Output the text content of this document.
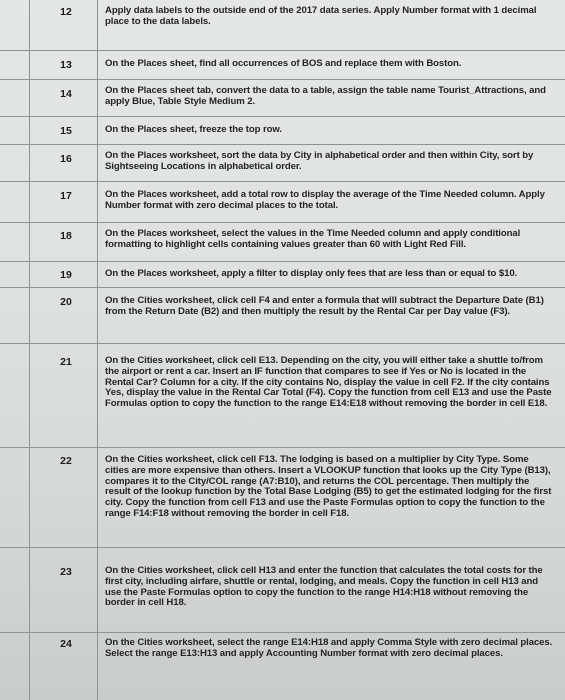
12	Apply data labels to the outside end of the 2017 data series. Apply Number format with 1 decimal place to the data labels.
13	On the Places sheet, find all occurrences of BOS and replace them with Boston.
14	On the Places sheet tab, convert the data to a table, assign the table name Tourist_Attractions, and apply Blue, Table Style Medium 2.
15	On the Places sheet, freeze the top row.
16	On the Places worksheet, sort the data by City in alphabetical order and then within City, sort by Sightseeing Locations in alphabetical order.
17	On the Places worksheet, add a total row to display the average of the Time Needed column. Apply Number format with zero decimal places to the total.
18	On the Places worksheet, select the values in the Time Needed column and apply conditional formatting to highlight cells containing values greater than 60 with Light Red Fill.
19	On the Places worksheet, apply a filter to display only fees that are less than or equal to $10.
20	On the Cities worksheet, click cell F4 and enter a formula that will subtract the Departure Date (B1) from the Return Date (B2) and then multiply the result by the Rental Car per Day value (F3).
21	On the Cities worksheet, click cell E13. Depending on the city, you will either take a shuttle to/from the airport or rent a car. Insert an IF function that compares to see if Yes or No is located in the Rental Car? Column for a city. If the city contains No, display the value in cell F2. If the city contains Yes, display the value in the Rental Car Total (F4). Copy the function from cell E13 and use the Paste Formulas option to copy the function to the range E14:E18 without removing the border in cell E18.
22	On the Cities worksheet, click cell F13. The lodging is based on a multiplier by City Type. Some cities are more expensive than others. Insert a VLOOKUP function that looks up the City Type (B13), compares it to the City/COL range (A7:B10), and returns the COL percentage. Then multiply the result of the lookup function by the Total Base Lodging (B5) to get the estimated lodging for the first city. Copy the function from cell F13 and use the Paste Formulas option to copy the function to the range F14:F18 without removing the border in cell F18.
23	On the Cities worksheet, click cell H13 and enter the function that calculates the total costs for the first city, including airfare, shuttle or rental, lodging, and meals. Copy the function in cell H13 and use the Paste Formulas option to copy the function to the range H14:H18 without removing the border in cell H18.
24	On the Cities worksheet, select the range E14:H18 and apply Comma Style with zero decimal places. Select the range E13:H13 and apply Accounting Number format with zero decimal places.
